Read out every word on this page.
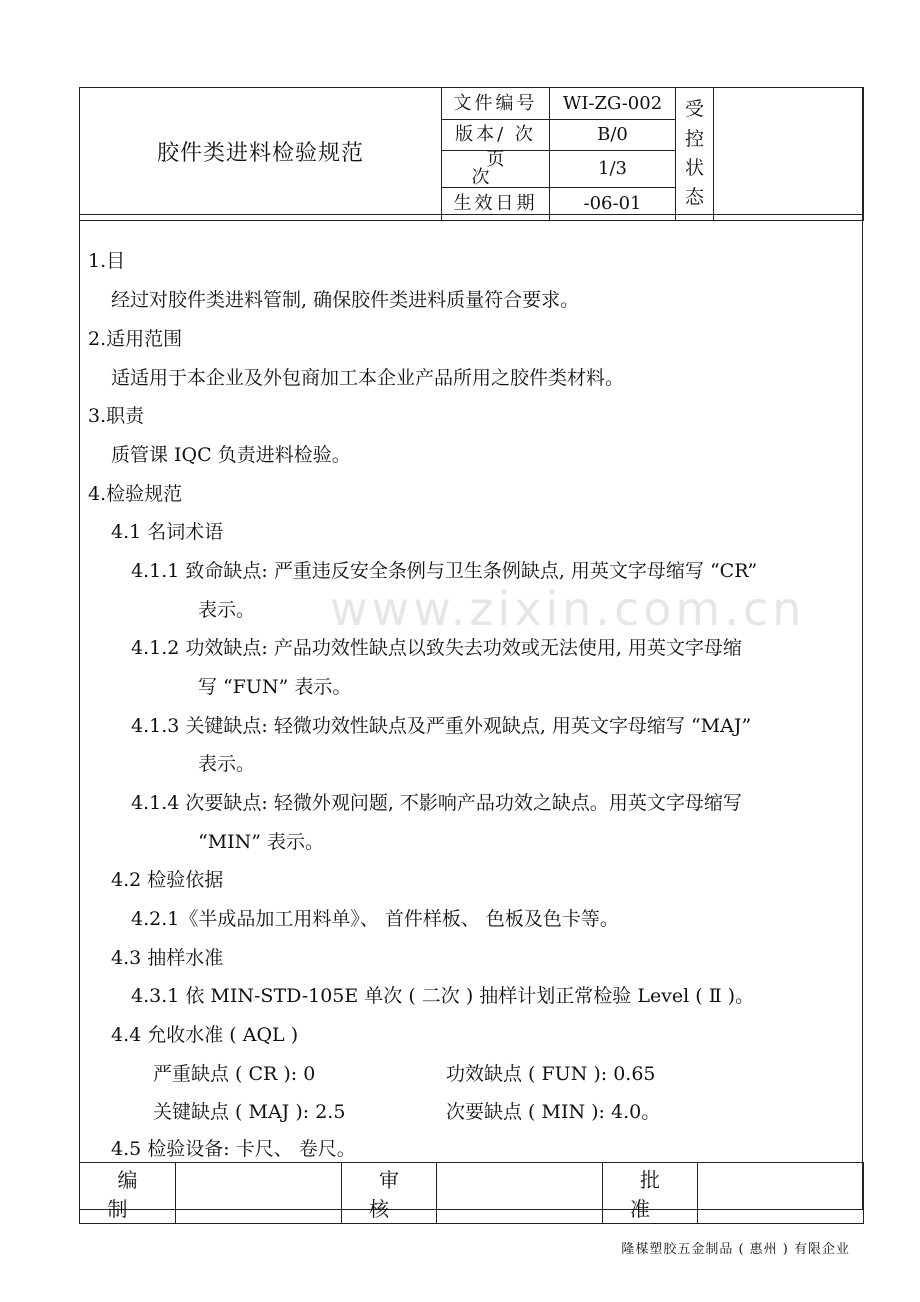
www.zixin.com.cn
胶件类进料检验规范	文件编号	WI-ZG-002	受
控
状
态	
	版本/ 次	B/0		
	页 次	1/3		
	生效日期	-06-01		
1.目
经过对胶件类进料管制, 确保胶件类进料质量符合要求。
2.适用范围
适适用于本企业及外包商加工本企业产品所用之胶件类材料。
3.职责
质管课 IQC 负责进料检验。
4.检验规范
4.1 名词术语
4.1.1 致命缺点: 严重违反安全条例与卫生条例缺点, 用英文字母缩写 “CR”
表示。
4.1.2 功效缺点: 产品功效性缺点以致失去功效或无法使用, 用英文字母缩
写 “FUN” 表示。
4.1.3 关键缺点: 轻微功效性缺点及严重外观缺点, 用英文字母缩写 “MAJ”
表示。
4.1.4 次要缺点: 轻微外观问题, 不影响产品功效之缺点。用英文字母缩写
“MIN” 表示。
4.2 检验依据
4.2.1《半成品加工用料单》、 首件样板、 色板及色卡等。
4.3 抽样水准
4.3.1 依 MIN-STD-105E 单次 ( 二次 ) 抽样计划正常检验 Level ( Ⅱ )。
4.4 允收水准 ( AQL )
严重缺点 ( CR ): 0	功效缺点 ( FUN ): 0.65
关键缺点 ( MAJ ): 2.5	次要缺点 ( MIN ): 4.0。
4.5 检验设备: 卡尺、 卷尺。
编制		审核		批准	
隆楳塑胶五金制品 ( 惠州 ) 有限企业
